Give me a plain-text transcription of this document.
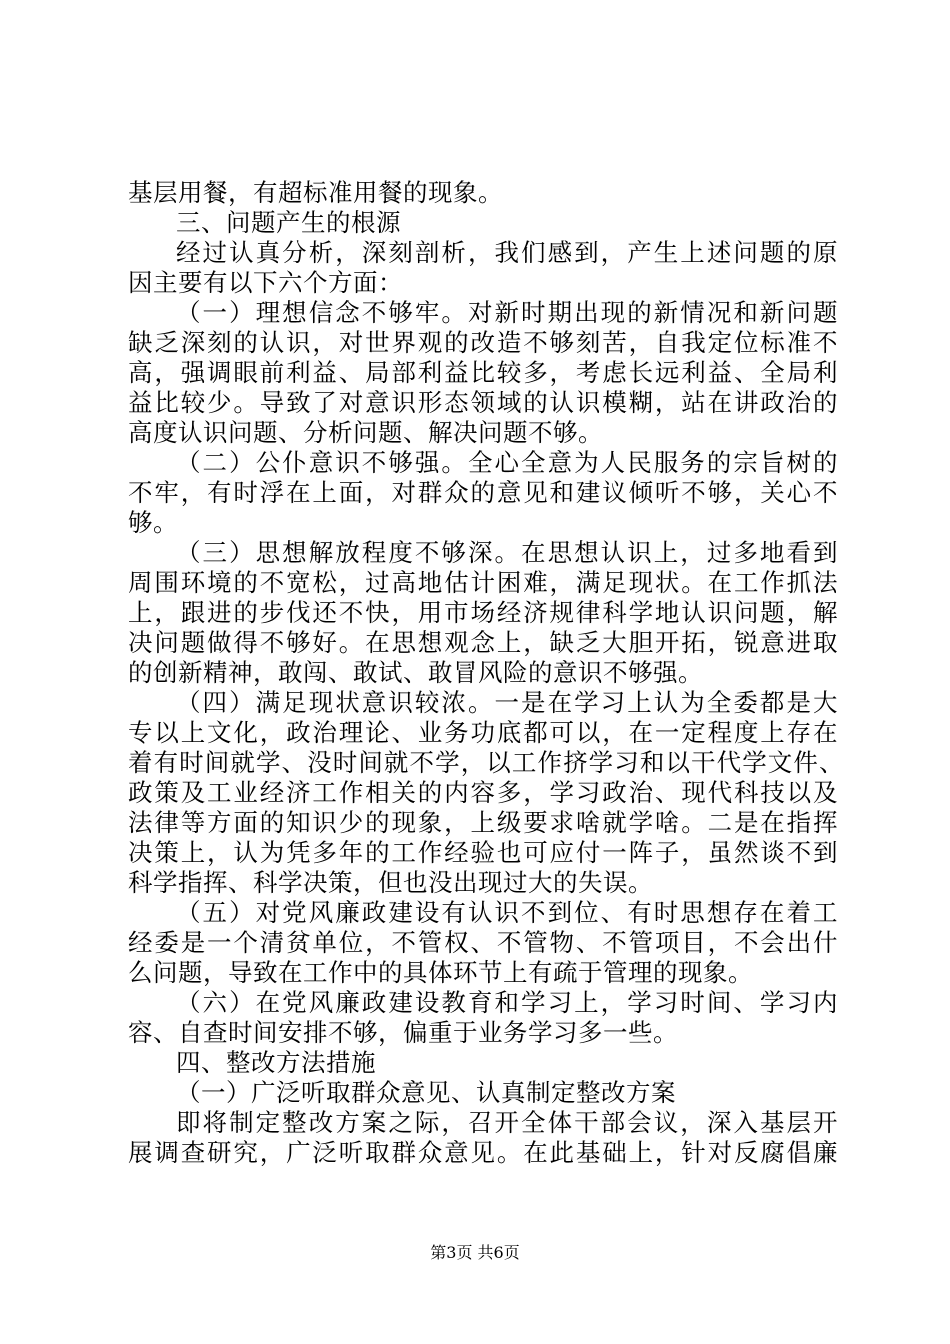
基层用餐，有超标准用餐的现象。
三、问题产生的根源
经过认真分析，深刻剖析，我们感到，产生上述问题的原
因主要有以下六个方面：
（一）理想信念不够牢。对新时期出现的新情况和新问题
缺乏深刻的认识，对世界观的改造不够刻苦，自我定位标准不
高，强调眼前利益、局部利益比较多，考虑长远利益、全局利
益比较少。导致了对意识形态领域的认识模糊，站在讲政治的
高度认识问题、分析问题、解决问题不够。
（二）公仆意识不够强。全心全意为人民服务的宗旨树的
不牢，有时浮在上面，对群众的意见和建议倾听不够，关心不
够。
（三）思想解放程度不够深。在思想认识上，过多地看到
周围环境的不宽松，过高地估计困难，满足现状。在工作抓法
上，跟进的步伐还不快，用市场经济规律科学地认识问题，解
决问题做得不够好。在思想观念上，缺乏大胆开拓，锐意进取
的创新精神，敢闯、敢试、敢冒风险的意识不够强。
（四）满足现状意识较浓。一是在学习上认为全委都是大
专以上文化，政治理论、业务功底都可以，在一定程度上存在
着有时间就学、没时间就不学，以工作挤学习和以干代学文件、
政策及工业经济工作相关的内容多，学习政治、现代科技以及
法律等方面的知识少的现象，上级要求啥就学啥。二是在指挥
决策上，认为凭多年的工作经验也可应付一阵子，虽然谈不到
科学指挥、科学决策，但也没出现过大的失误。
（五）对党风廉政建设有认识不到位、有时思想存在着工
经委是一个清贫单位，不管权、不管物、不管项目，不会出什
么问题，导致在工作中的具体环节上有疏于管理的现象。
（六）在党风廉政建设教育和学习上，学习时间、学习内
容、自查时间安排不够，偏重于业务学习多一些。
四、整改方法措施
（一）广泛听取群众意见、认真制定整改方案
即将制定整改方案之际，召开全体干部会议，深入基层开
展调查研究，广泛听取群众意见。在此基础上，针对反腐倡廉
第3页 共6页
